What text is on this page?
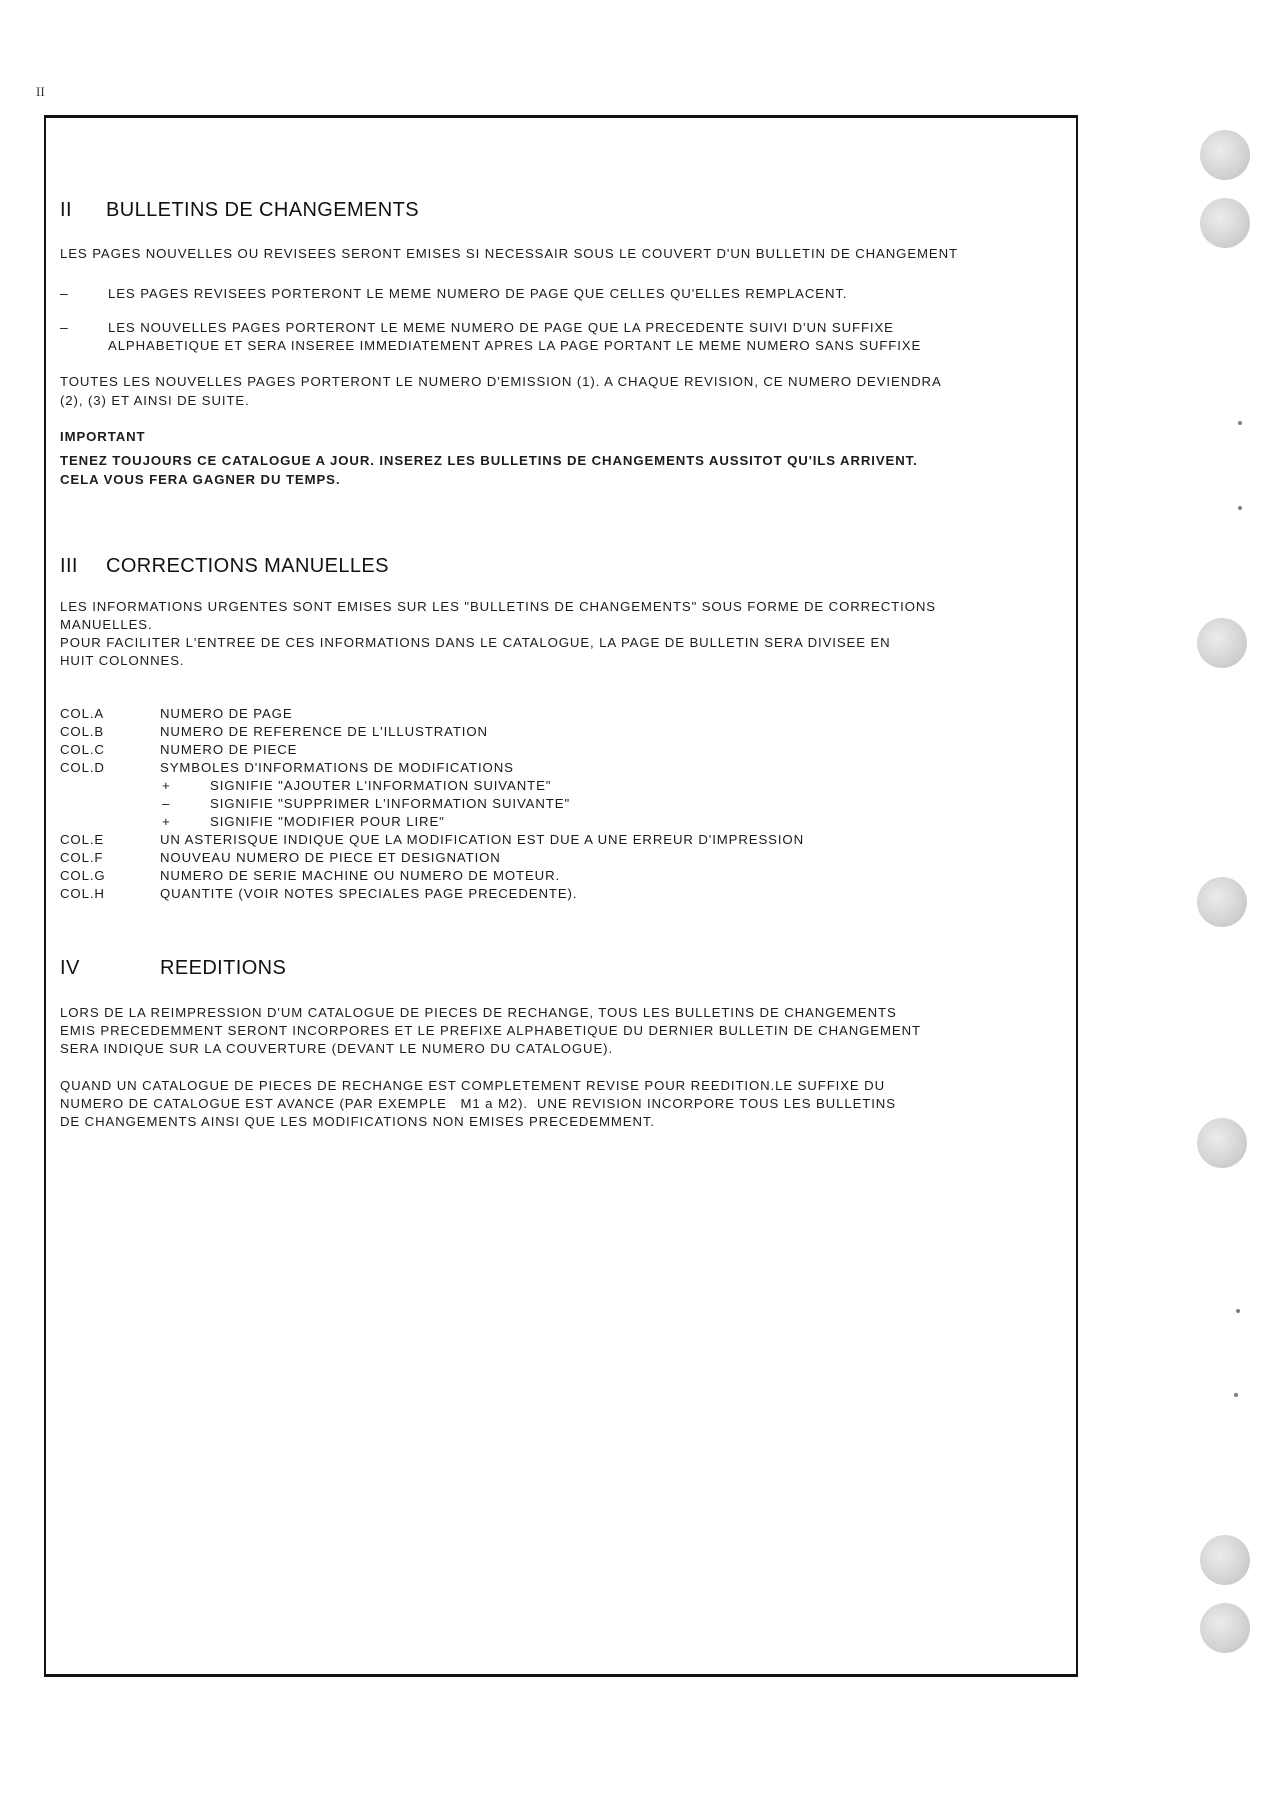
II
II BULLETINS DE CHANGEMENTS

LES PAGES NOUVELLES OU REVISEES SERONT EMISES SI NECESSAIR SOUS LE COUVERT D'UN BULLETIN DE CHANGEMENT

–	LES PAGES REVISEES PORTERONT LE MEME NUMERO DE PAGE QUE CELLES QU'ELLES REMPLACENT.

–	LES NOUVELLES PAGES PORTERONT LE MEME NUMERO DE PAGE QUE LA PRECEDENTE SUIVI D'UN SUFFIXE

ALPHABETIQUE ET SERA INSEREE IMMEDIATEMENT APRES LA PAGE PORTANT LE MEME NUMERO SANS SUFFIXE

TOUTES LES NOUVELLES PAGES PORTERONT LE NUMERO D'EMISSION (1). A CHAQUE REVISION, CE NUMERO DEVIENDRA

(2), (3) ET AINSI DE SUITE.

IMPORTANT

TENEZ TOUJOURS CE CATALOGUE A JOUR. INSEREZ LES BULLETINS DE CHANGEMENTS AUSSITOT QU'ILS ARRIVENT.

CELA VOUS FERA GAGNER DU TEMPS.

III CORRECTIONS MANUELLES

LES INFORMATIONS URGENTES SONT EMISES SUR LES "BULLETINS DE CHANGEMENTS" SOUS FORME DE CORRECTIONS

MANUELLES.

POUR FACILITER L'ENTREE DE CES INFORMATIONS DANS LE CATALOGUE, LA PAGE DE BULLETIN SERA DIVISEE EN

HUIT COLONNES.

COL.A	NUMERO DE PAGE
COL.B	NUMERO DE REFERENCE DE L'ILLUSTRATION
COL.C	NUMERO DE PIECE
COL.D	SYMBOLES D'INFORMATIONS DE MODIFICATIONS
+	SIGNIFIE "AJOUTER L'INFORMATION SUIVANTE"
–	SIGNIFIE "SUPPRIMER L'INFORMATION SUIVANTE"
+	SIGNIFIE "MODIFIER POUR LIRE"
COL.E	UN ASTERISQUE INDIQUE QUE LA MODIFICATION EST DUE A UNE ERREUR D'IMPRESSION
COL.F	NOUVEAU NUMERO DE PIECE ET DESIGNATION
COL.G	NUMERO DE SERIE MACHINE OU NUMERO DE MOTEUR.
COL.H	QUANTITE (VOIR NOTES SPECIALES PAGE PRECEDENTE).
IV	REEDITIONS

LORS DE LA REIMPRESSION D'UM CATALOGUE DE PIECES DE RECHANGE, TOUS LES BULLETINS DE CHANGEMENTS

EMIS PRECEDEMMENT SERONT INCORPORES ET LE PREFIXE ALPHABETIQUE DU DERNIER BULLETIN DE CHANGEMENT

SERA INDIQUE SUR LA COUVERTURE (DEVANT LE NUMERO DU CATALOGUE).

QUAND UN CATALOGUE DE PIECES DE RECHANGE EST COMPLETEMENT REVISE POUR REEDITION.LE SUFFIXE DU

NUMERO DE CATALOGUE EST AVANCE (PAR EXEMPLE   M1 a M2).  UNE REVISION INCORPORE TOUS LES BULLETINS

DE CHANGEMENTS AINSI QUE LES MODIFICATIONS NON EMISES PRECEDEMMENT.
